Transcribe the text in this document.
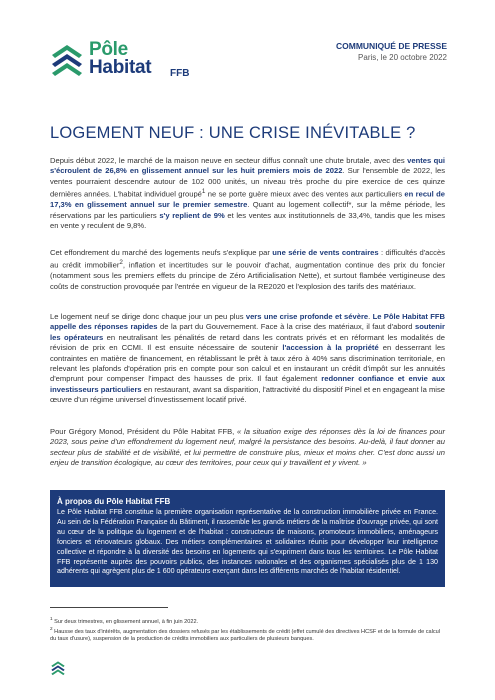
Pôle
Habitat FFB
COMMUNIQUÉ DE PRESSE
Paris, le 20 octobre 2022
LOGEMENT NEUF : UNE CRISE INÉVITABLE ?

Depuis début 2022, le marché de la maison neuve en secteur diffus connaît une chute brutale, avec des ventes qui s'écroulent de 26,8% en glissement annuel sur les huit premiers mois de 2022. Sur l'ensemble de 2022, les ventes pourraient descendre autour de 102 000 unités, un niveau très proche du pire exercice de ces quinze dernières années. L'habitat individuel groupé$^1$ ne se porte guère mieux avec des ventes aux particuliers en recul de 17,3% en glissement annuel sur le premier semestre. Quant au logement collectif*, sur la même période, les réservations par les particuliers s'y replient de 9% et les ventes aux institutionnels de 33,4%, tandis que les mises en vente y reculent de 9,8%.

Cet effondrement du marché des logements neufs s'explique par une série de vents contraires : difficultés d'accès au crédit immobilier$^2$, inflation et incertitudes sur le pouvoir d'achat, augmentation continue des prix du foncier (notamment sous les premiers effets du principe de Zéro Artificialisation Nette), et surtout flambée vertigineuse des coûts de construction provoquée par l'entrée en vigueur de la RE2020 et l'explosion des tarifs des matériaux.

Le logement neuf se dirige donc chaque jour un peu plus vers une crise profonde et sévère. Le Pôle Habitat FFB appelle des réponses rapides de la part du Gouvernement. Face à la crise des matériaux, il faut d'abord soutenir les opérateurs en neutralisant les pénalités de retard dans les contrats privés et en réformant les modalités de révision de prix en CCMI. Il est ensuite nécessaire de soutenir l'accession à la propriété en desserrant les contraintes en matière de financement, en rétablissant le prêt à taux zéro à 40% sans discrimination territoriale, en relevant les plafonds d'opération pris en compte pour son calcul et en instaurant un crédit d'impôt sur les annuités d'emprunt pour compenser l'impact des hausses de prix. Il faut également redonner confiance et envie aux investisseurs particuliers en restaurant, avant sa disparition, l'attractivité du dispositif Pinel et en engageant la mise œuvre d'un régime universel d'investissement locatif privé.

Pour Grégory Monod, Président du Pôle Habitat FFB, « la situation exige des réponses dès la loi de finances pour 2023, sous peine d'un effondrement du logement neuf, malgré la persistance des besoins. Au-delà, il faut donner au secteur plus de stabilité et de visibilité, et lui permettre de construire plus, mieux et moins cher. C'est donc aussi un enjeu de transition écologique, au cœur des territoires, pour ceux qui y travaillent et y vivent. »

À propos du Pôle Habitat FFB
Le Pôle Habitat FFB constitue la première organisation représentative de la construction immobilière privée en France. Au sein de la Fédération Française du Bâtiment, il rassemble les grands métiers de la maîtrise d'ouvrage privée, qui sont au cœur de la politique du logement et de l'habitat : constructeurs de maisons, promoteurs immobiliers, aménageurs fonciers et rénovateurs globaux. Des métiers complémentaires et solidaires réunis pour développer leur intelligence collective et répondre à la diversité des besoins en logements qui s'expriment dans tous les territoires. Le Pôle Habitat FFB représente auprès des pouvoirs publics, des instances nationales et des organismes spécialisés plus de 1 130 adhérents qui agrègent plus de 1 600 opérateurs exerçant dans les différents marchés de l'habitat résidentiel.
$^1$ Sur deux trimestres, en glissement annuel, à fin juin 2022.
$^2$ Hausse des taux d'intérêts, augmentation des dossiers refusés par les établissements de crédit (effet cumulé des directives HCSF et de la formule de calcul du taux d'usure), suspension de la production de crédits immobiliers aux particuliers de plusieurs banques.
